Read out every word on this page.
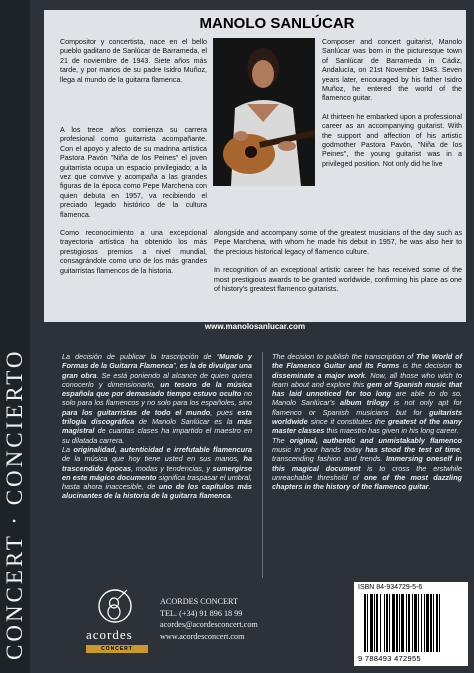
CONCERT · CONCIERTO
MANOLO SANLÚCAR

Compositor y concertista, nace en el bello pueblo gaditano de Sanlúcar de Barrameda, el 21 de noviembre de 1943. Siete años más tarde, y por manos de su padre Isidro Muñoz, llega al mundo de la guitarra flamenca.

A los trece años comienza su carrera profesional como guitarrista acompañante. Con el apoyo y afecto de su madrina artística Pastora Pavón "Niña de los Peines" el joven guitarrista ocupa un espacio privilegiado; a la vez que convive y acompaña a las grandes figuras de la época como Pepe Marchena con quien debuta en 1957, va recibiendo el preciado legado histórico de la cultura flamenca.

Como reconocimiento a una excepcional trayectoria artística ha obtenido los más prestigiosos premios a nivel mundial, consagrándole como uno de los más grandes guitarristas flamencos de la historia.

Composer and concert guitarist, Manolo Sanlúcar was born in the picturesque town of Sanlúcar de Barrameda in Cádiz, Andalucía, on 21st November 1943. Seven years later, encouraged by his father Isidro Muñoz, he entered the world of the flamenco guitar.

At thirteen he embarked upon a professional career as an accompanying guitarist. With the support and affection of his artistic godmother Pastora Pavón, "Niña de los Peines", the young guitarist was in a privileged position. Not only did he live

alongside and accompany some of the greatest musicians of the day such as Pepe Marchena, with whom he made his debut in 1957, he was also heir to the precious historical legacy of flamenco culture.

In recognition of an exceptional artistic career he has received some of the most prestigious awards to be granted worldwide, confirming his place as one of history's greatest flamenco guitarists.

www.manolosanlucar.com
La decisión de publicar la trascripción de “Mundo y Formas de la Guitarra Flamenca”, es la de divulgar una gran obra. Se está poniendo al alcance de quien quiera conocerlo y dimensionarlo, un tesoro de la música española que por demasiado tiempo estuvo oculto no solo para los flamencos y no solo para los españoles, sino para los guitarristas de todo el mundo, pues esta trilogía discográfica de Manolo Sanlúcar es la más magistral de cuantas clases ha impartido el maestro en su dilatada carrera.
La originalidad, autenticidad e irrefutable flamencura de la música que hoy tiene usted en sus manos, ha trascendido épocas, modas y tendencias, y sumergirse en este mágico documento significa traspasar el umbral, hasta ahora inaccesible, de uno de los capítulos más alucinantes de la historia de la guitarra flamenca.
The decision to publish the transcription of The World of the Flamenco Guitar and its Forms is the decision to disseminate a major work. Now, all those who wish to learn about and explore this gem of Spanish music that has laid unnoticed for too long are able to do so. Manolo Sanlúcar's album trilogy is not only apt for flamenco or Spanish musicians but for guitarists worldwide since it constitutes the greatest of the many master classes this maestro has given in his long career.
The original, authentic and unmistakably flamenco music in your hands today has stood the test of time, transcending fashion and trends. Immersing oneself in this magical document is to cross the erstwhile unreachable threshold of one of the most dazzling chapters in the history of the flamenco guitar.
acordes
CONCERT
ACORDES CONCERT
TEL. (+34) 91 896 18 99
acordes@acordesconcert.com
www.acordesconcert.com
ISBN 84-934729-5-6
9 788493 472955
